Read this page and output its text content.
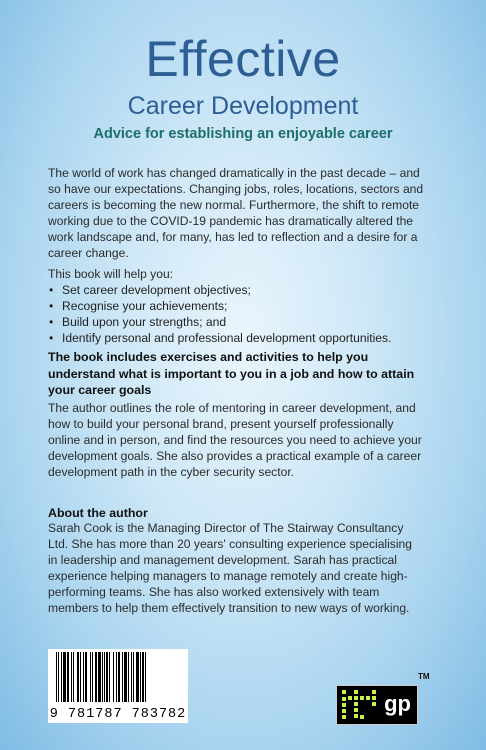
Effective
Career Development
Advice for establishing an enjoyable career

The world of work has changed dramatically in the past decade – and so have our expectations. Changing jobs, roles, locations, sectors and careers is becoming the new normal. Furthermore, the shift to remote working due to the COVID-19 pandemic has dramatically altered the work landscape and, for many, has led to reflection and a desire for a career change.

This book will help you:

• Set career development objectives;
• Recognise your achievements;
• Build upon your strengths; and
• Identify personal and professional development opportunities.

The book includes exercises and activities to help you understand what is important to you in a job and how to attain your career goals

The author outlines the role of mentoring in career development, and how to build your personal brand, present yourself professionally online and in person, and find the resources you need to achieve your development goals. She also provides a practical example of a career development path in the cyber security sector.

About the author

Sarah Cook is the Managing Director of The Stairway Consultancy Ltd. She has more than 20 years' consulting experience specialising in leadership and management development. Sarah has practical experience helping managers to manage remotely and create high-performing teams. She has also worked extensively with team members to help them effectively transition to new ways of working.

9 781787 783782	gp
TM
